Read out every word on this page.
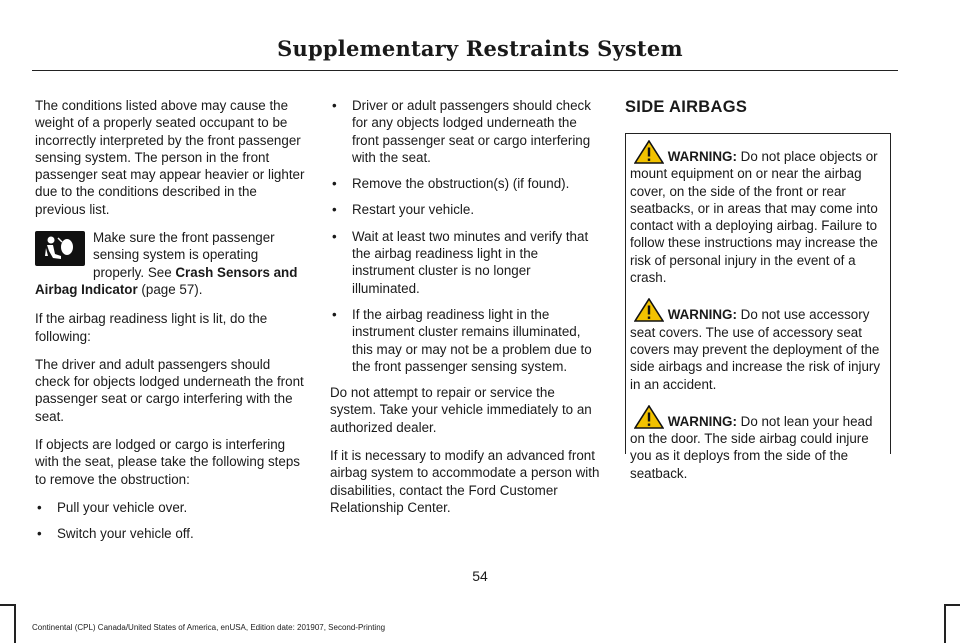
Supplementary Restraints System

The conditions listed above may cause the weight of a properly seated occupant to be incorrectly interpreted by the front passenger sensing system. The person in the front passenger seat may appear heavier or lighter due to the conditions described in the previous list.

Make sure the front passenger sensing system is operating properly. See Crash Sensors and Airbag Indicator (page 57).

If the airbag readiness light is lit, do the following:

The driver and adult passengers should check for objects lodged underneath the front passenger seat or cargo interfering with the seat.

If objects are lodged or cargo is interfering with the seat, please take the following steps to remove the obstruction:

• Pull your vehicle over.
• Switch your vehicle off.
• Driver or adult passengers should check for any objects lodged underneath the front passenger seat or cargo interfering with the seat.
• Remove the obstruction(s) (if found).
• Restart your vehicle.
• Wait at least two minutes and verify that the airbag readiness light in the instrument cluster is no longer illuminated.
• If the airbag readiness light in the instrument cluster remains illuminated, this may or may not be a problem due to the front passenger sensing system.

Do not attempt to repair or service the system. Take your vehicle immediately to an authorized dealer.

If it is necessary to modify an advanced front airbag system to accommodate a person with disabilities, contact the Ford Customer Relationship Center.

SIDE AIRBAGS

WARNING: Do not place objects or mount equipment on or near the airbag cover, on the side of the front or rear seatbacks, or in areas that may come into contact with a deploying airbag. Failure to follow these instructions may increase the risk of personal injury in the event of a crash.

WARNING: Do not use accessory seat covers. The use of accessory seat covers may prevent the deployment of the side airbags and increase the risk of injury in an accident.

WARNING: Do not lean your head on the door. The side airbag could injure you as it deploys from the side of the seatback.

54
Continental (CPL) Canada/United States of America, enUSA, Edition date: 201907, Second-Printing
